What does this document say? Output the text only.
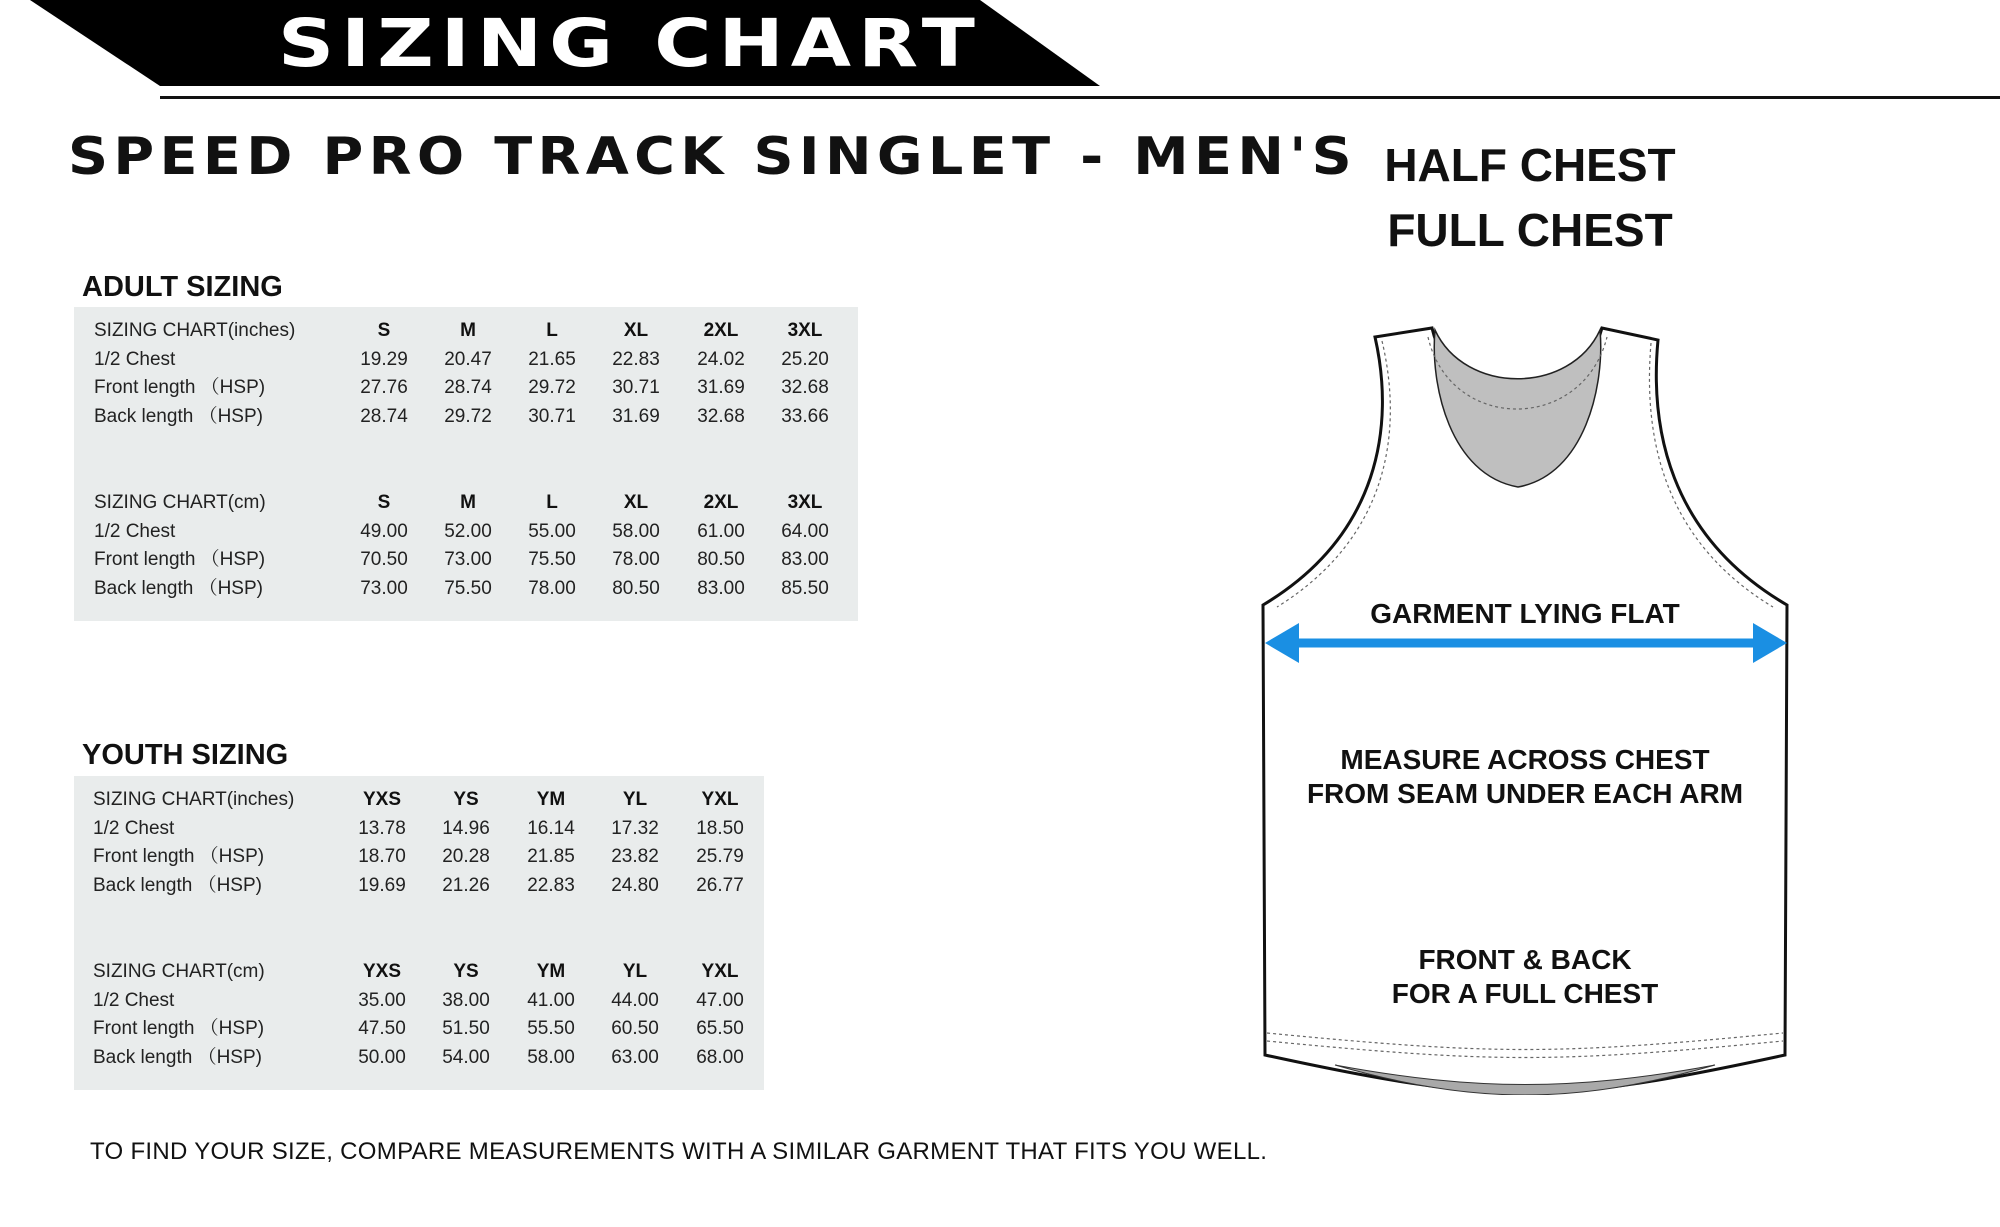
SIZING CHART
SPEED PRO TRACK SINGLET - MEN'S
ADULT SIZING
SIZING CHART(inches)	S	M	L	XL	2XL	3XL
1/2 Chest	19.29	20.47	21.65	22.83	24.02	25.20
Front length （HSP)	27.76	28.74	29.72	30.71	31.69	32.68
Back length （HSP)	28.74	29.72	30.71	31.69	32.68	33.66
SIZING CHART(cm)	S	M	L	XL	2XL	3XL
1/2 Chest	49.00	52.00	55.00	58.00	61.00	64.00
Front length （HSP)	70.50	73.00	75.50	78.00	80.50	83.00
Back length （HSP)	73.00	75.50	78.00	80.50	83.00	85.50
YOUTH SIZING
SIZING CHART(inches)	YXS	YS	YM	YL	YXL
1/2 Chest	13.78	14.96	16.14	17.32	18.50
Front length （HSP)	18.70	20.28	21.85	23.82	25.79
Back length （HSP)	19.69	21.26	22.83	24.80	26.77
SIZING CHART(cm)	YXS	YS	YM	YL	YXL
1/2 Chest	35.00	38.00	41.00	44.00	47.00
Front length （HSP)	47.50	51.50	55.50	60.50	65.50
Back length （HSP)	50.00	54.00	58.00	63.00	68.00
TO FIND YOUR SIZE, COMPARE MEASUREMENTS WITH A SIMILAR GARMENT THAT FITS YOU WELL.
HALF CHEST
FULL CHEST
GARMENT LYING FLAT
MEASURE ACROSS CHEST
FROM SEAM UNDER EACH ARM
FRONT & BACK
FOR A FULL CHEST
